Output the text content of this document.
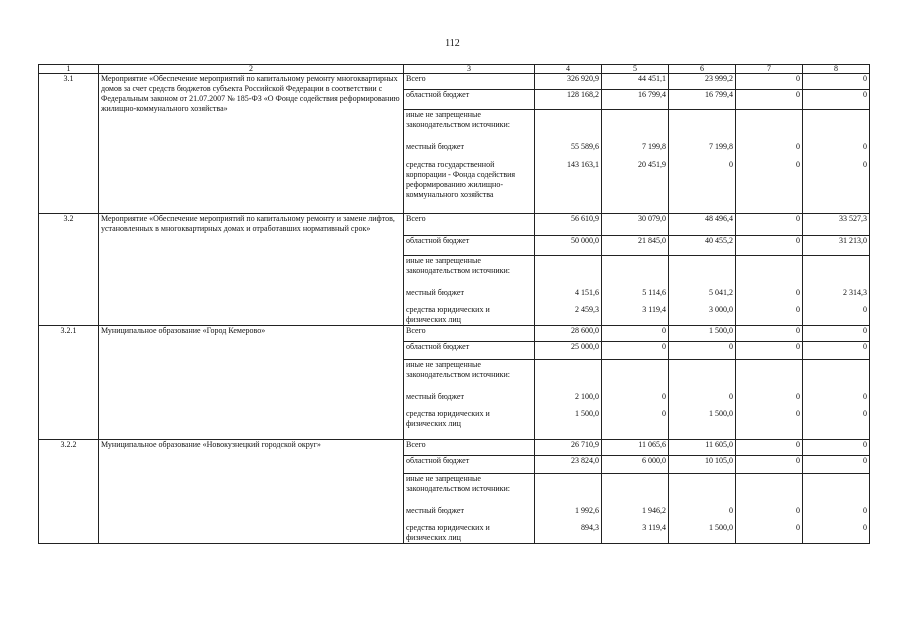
112
1	2	3	4	5	6	7	8
3.1	Мероприятие «Обеспечение мероприятий по капитальному ремонту многоквартирных домов за счет средств бюджетов субъекта Российской Федерации в соответствии с Федеральным законом от 21.07.2007 № 185-ФЗ «О Фонде содействия реформированию жилищно-коммунального хозяйства»	Всего	326 920,9	44 451,1	23 999,2	0	0
		областной бюджет	128 168,2	16 799,4	16 799,4	0	0
		иные не запрещенные законодательством источники:					
		местный бюджет	55 589,6	7 199,8	7 199,8	0	0
		средства государственной корпорации - Фонда содействия реформированию жилищно-коммунального хозяйства	143 163,1	20 451,9	0	0	0
3.2	Мероприятие «Обеспечение мероприятий по капитальному ремонту и замене лифтов, установленных в многоквартирных домах и отработавших нормативный срок»	Всего	56 610,9	30 079,0	48 496,4	0	33 527,3
		областной бюджет	50 000,0	21 845,0	40 455,2	0	31 213,0
		иные не запрещенные законодательством источники:					
		местный бюджет	4 151,6	5 114,6	5 041,2	0	2 314,3
		средства юридических и физических лиц	2 459,3	3 119,4	3 000,0	0	0
3.2.1	Муниципальное образование «Город Кемерово»	Всего	28 600,0	0	1 500,0	0	0
		областной бюджет	25 000,0	0	0	0	0
		иные не запрещенные законодательством источники:					
		местный бюджет	2 100,0	0	0	0	0
		средства юридических и физических лиц	1 500,0	0	1 500,0	0	0
3.2.2	Муниципальное образование «Новокузнецкий городской округ»	Всего	26 710,9	11 065,6	11 605,0	0	0
		областной бюджет	23 824,0	6 000,0	10 105,0	0	0
		иные не запрещенные законодательством источники:					
		местный бюджет	1 992,6	1 946,2	0	0	0
		средства юридических и физических лиц	894,3	3 119,4	1 500,0	0	0
